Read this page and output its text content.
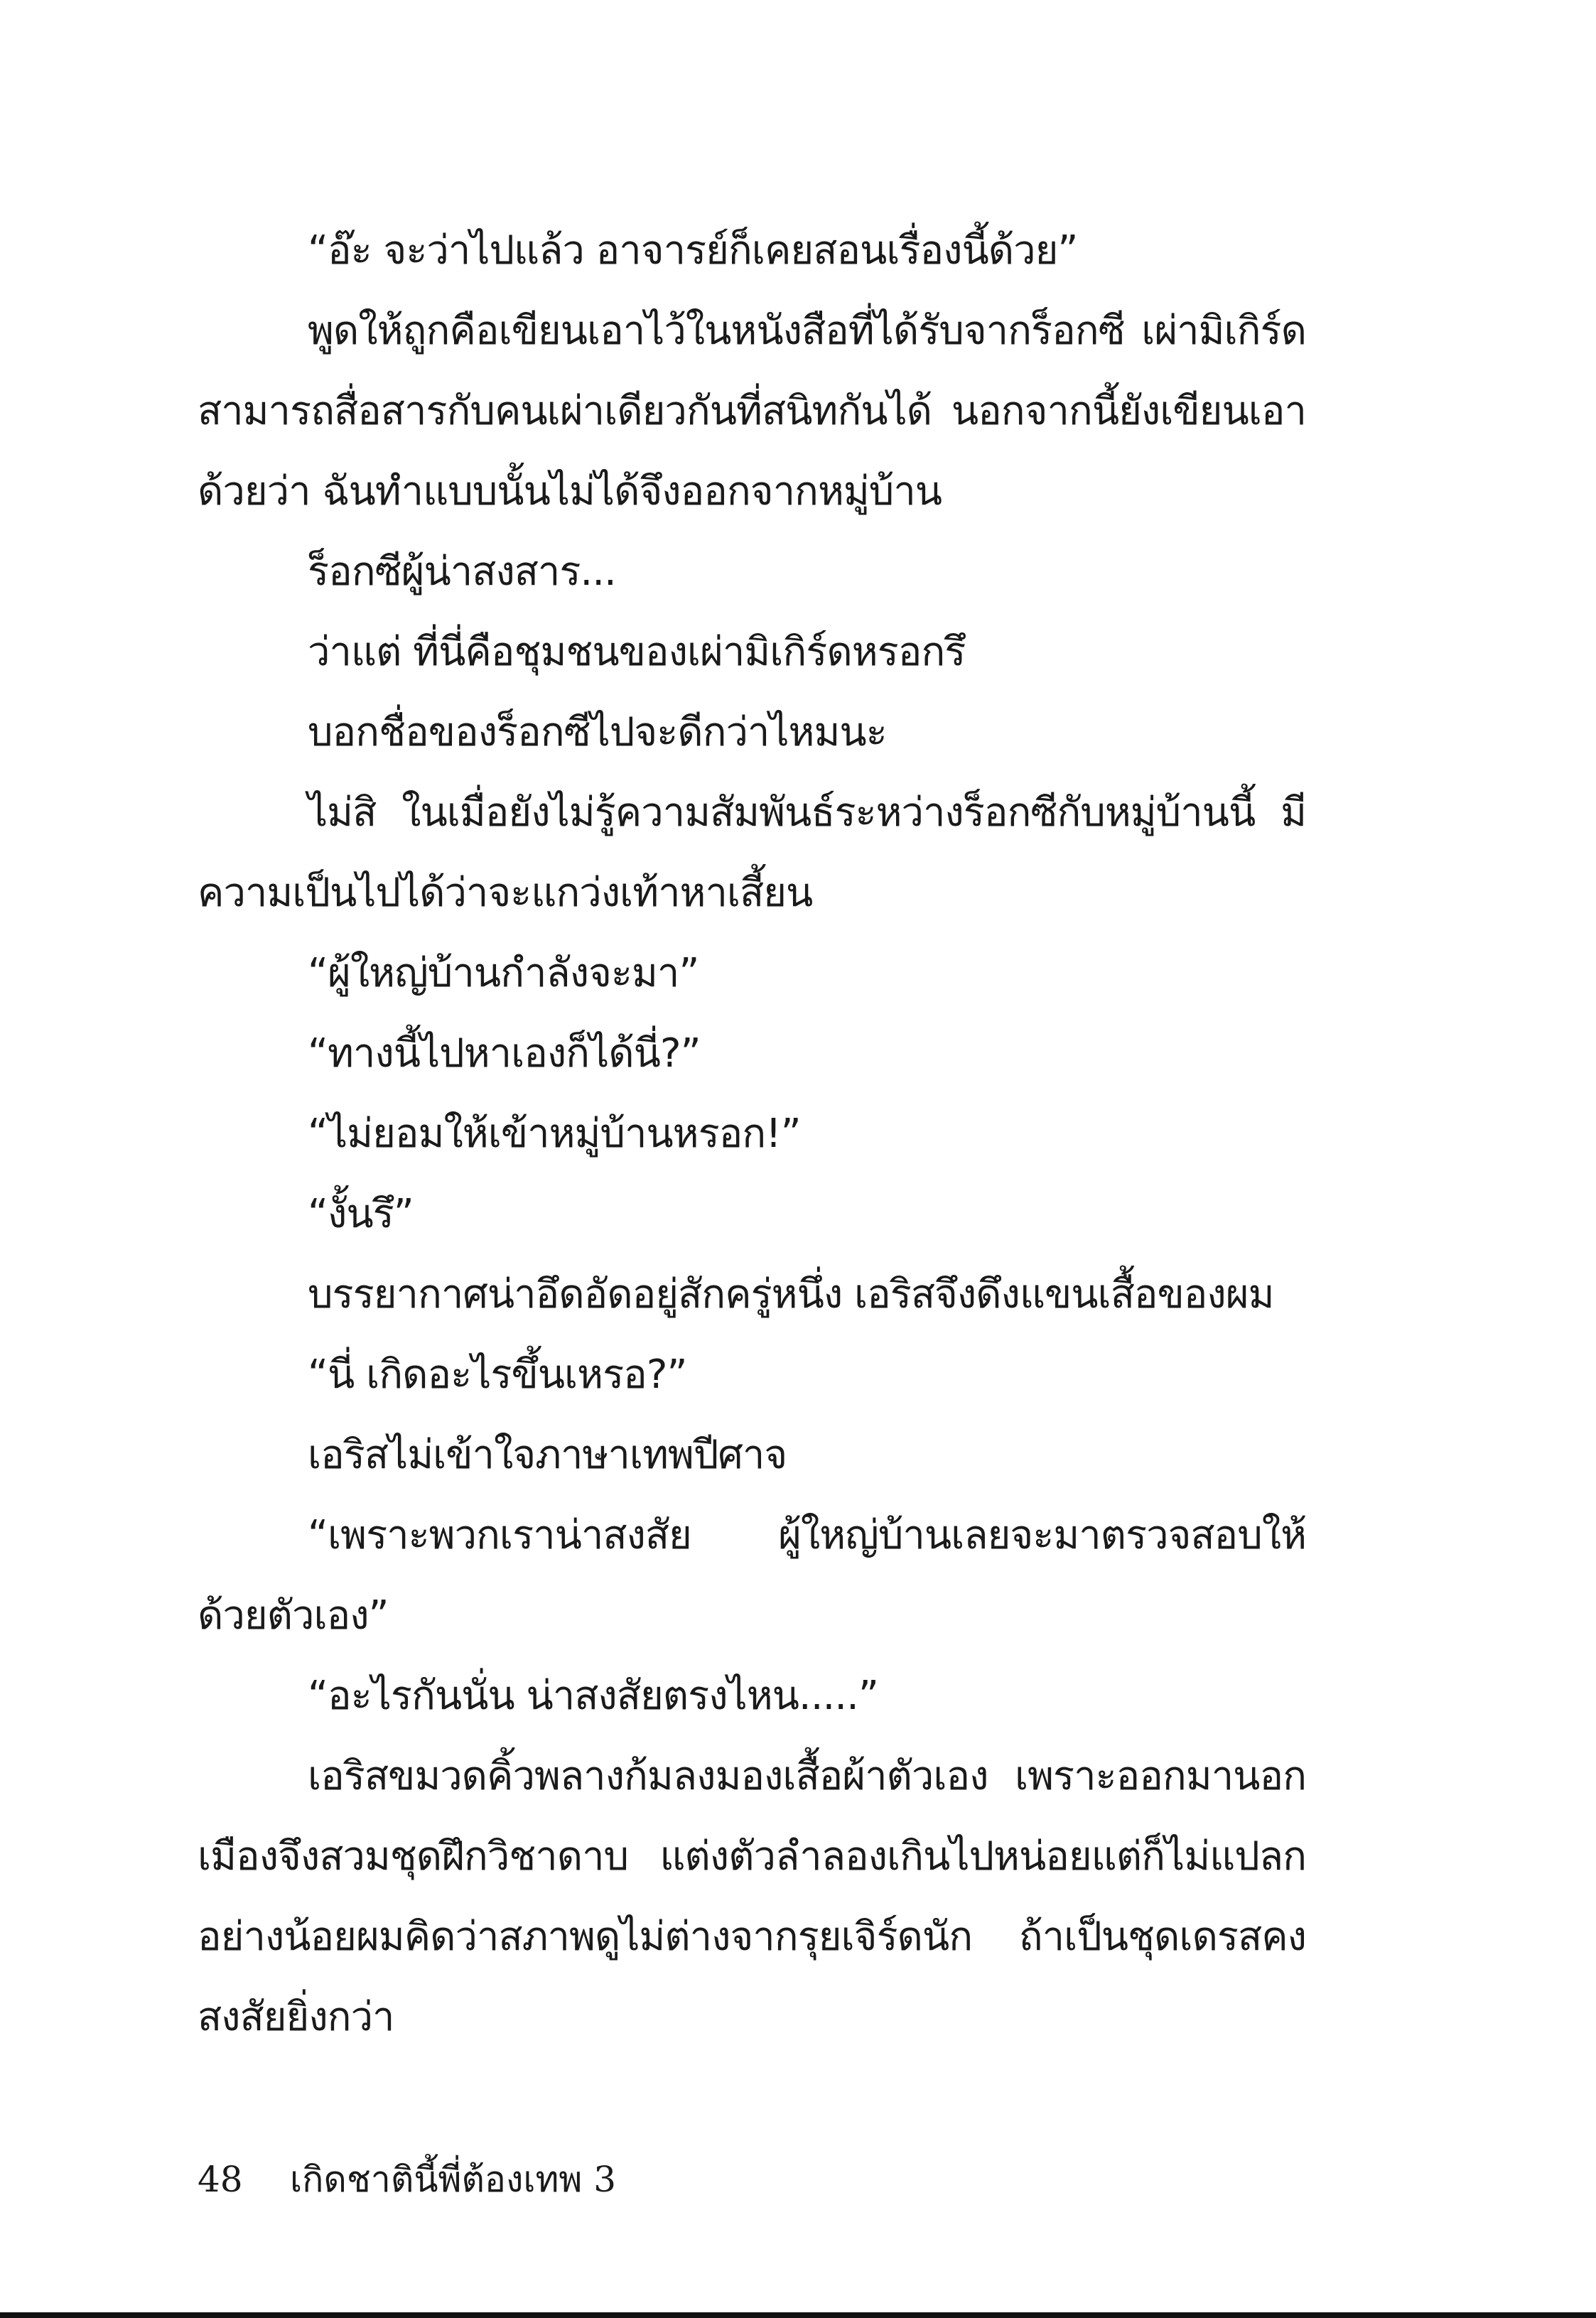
“อ๊ะ จะว่าไปแล้ว อาจารย์ก็เคยสอนเรื่องนี้ด้วย”
พูดให้ถูกคือเขียนเอาไว้ในหนังสือที่ได้รับจากร็อกซี เผ่ามิเกิร์ด
สามารถสื่อสารกับคนเผ่าเดียวกันที่สนิทกันได้ นอกจากนี้ยังเขียนเอา
ด้วยว่า ฉันทำแบบนั้นไม่ได้จึงออกจากหมู่บ้าน
ร็อกซีผู้น่าสงสาร...
ว่าแต่ ที่นี่คือชุมชนของเผ่ามิเกิร์ดหรอกรึ
บอกชื่อของร็อกซีไปจะดีกว่าไหมนะ
ไม่สิ ในเมื่อยังไม่รู้ความสัมพันธ์ระหว่างร็อกซีกับหมู่บ้านนี้ มี
ความเป็นไปได้ว่าจะแกว่งเท้าหาเสี้ยน
“ผู้ใหญ่บ้านกำลังจะมา”
“ทางนี้ไปหาเองก็ได้นี่?”
“ไม่ยอมให้เข้าหมู่บ้านหรอก!”
“งั้นรึ”
บรรยากาศน่าอึดอัดอยู่สักครู่หนึ่ง เอริสจึงดึงแขนเสื้อของผม
“นี่ เกิดอะไรขึ้นเหรอ?”
เอริสไม่เข้าใจภาษาเทพปีศาจ
“เพราะพวกเราน่าสงสัย ผู้ใหญ่บ้านเลยจะมาตรวจสอบให้
ด้วยตัวเอง”
“อะไรกันนั่น น่าสงสัยตรงไหน.....”
เอริสขมวดคิ้วพลางก้มลงมองเสื้อผ้าตัวเอง เพราะออกมานอก
เมืองจึงสวมชุดฝึกวิชาดาบ แต่งตัวลำลองเกินไปหน่อยแต่ก็ไม่แปลก
อย่างน้อยผมคิดว่าสภาพดูไม่ต่างจากรุยเจิร์ดนัก ถ้าเป็นชุดเดรสคง
สงสัยยิ่งกว่า
48 เกิดชาตินี้พี่ต้องเทพ 3
